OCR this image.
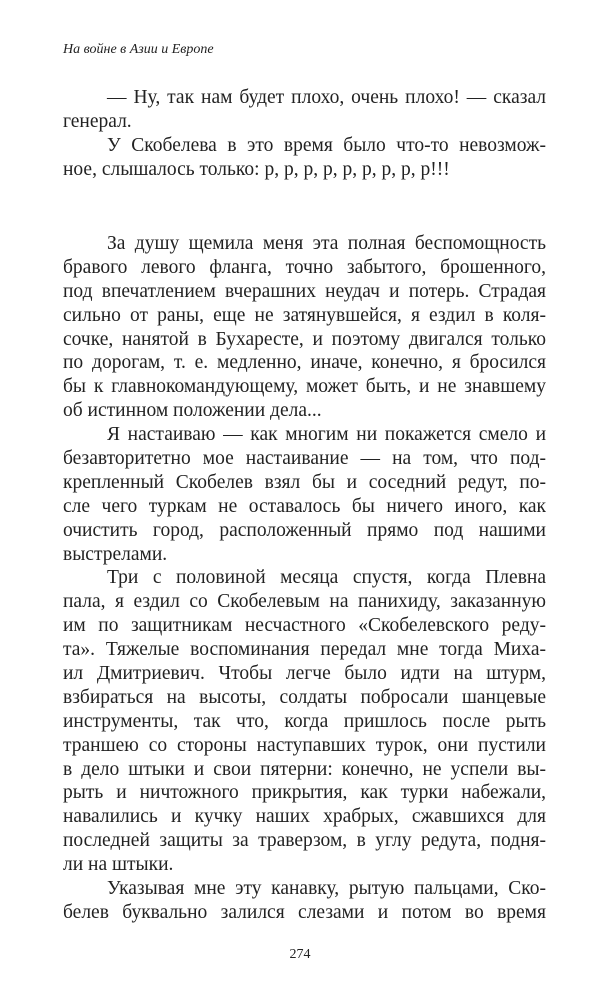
На войне в Азии и Европе
— Ну, так нам будет плохо, очень плохо! — сказал
генерал.
У Скобелева в это время было что-то невозмож-
ное, слышалось только: р, р, р, р, р, р, р, р, р!!!
За душу щемила меня эта полная беспомощность
бравого левого фланга, точно забытого, брошенного,
под впечатлением вчерашних неудач и потерь. Страдая
сильно от раны, еще не затянувшейся, я ездил в коля-
сочке, нанятой в Бухаресте, и поэтому двигался только
по дорогам, т. е. медленно, иначе, конечно, я бросился
бы к главнокомандующему, может быть, и не знавшему
об истинном положении дела...
Я настаиваю — как многим ни покажется смело и
безавторитетно мое настаивание — на том, что под-
крепленный Скобелев взял бы и соседний редут, по-
сле чего туркам не оставалось бы ничего иного, как
очистить город, расположенный прямо под нашими
выстрелами.
Три с половиной месяца спустя, когда Плевна
пала, я ездил со Скобелевым на панихиду, заказанную
им по защитникам несчастного «Скобелевского реду-
та». Тяжелые воспоминания передал мне тогда Миха-
ил Дмитриевич. Чтобы легче было идти на штурм,
взбираться на высоты, солдаты побросали шанцевые
инструменты, так что, когда пришлось после рыть
траншею со стороны наступавших турок, они пустили
в дело штыки и свои пятерни: конечно, не успели вы-
рыть и ничтожного прикрытия, как турки набежали,
навалились и кучку наших храбрых, сжавшихся для
последней защиты за траверзом, в углу редута, подня-
ли на штыки.
Указывая мне эту канавку, рытую пальцами, Ско-
белев буквально залился слезами и потом во время
274
